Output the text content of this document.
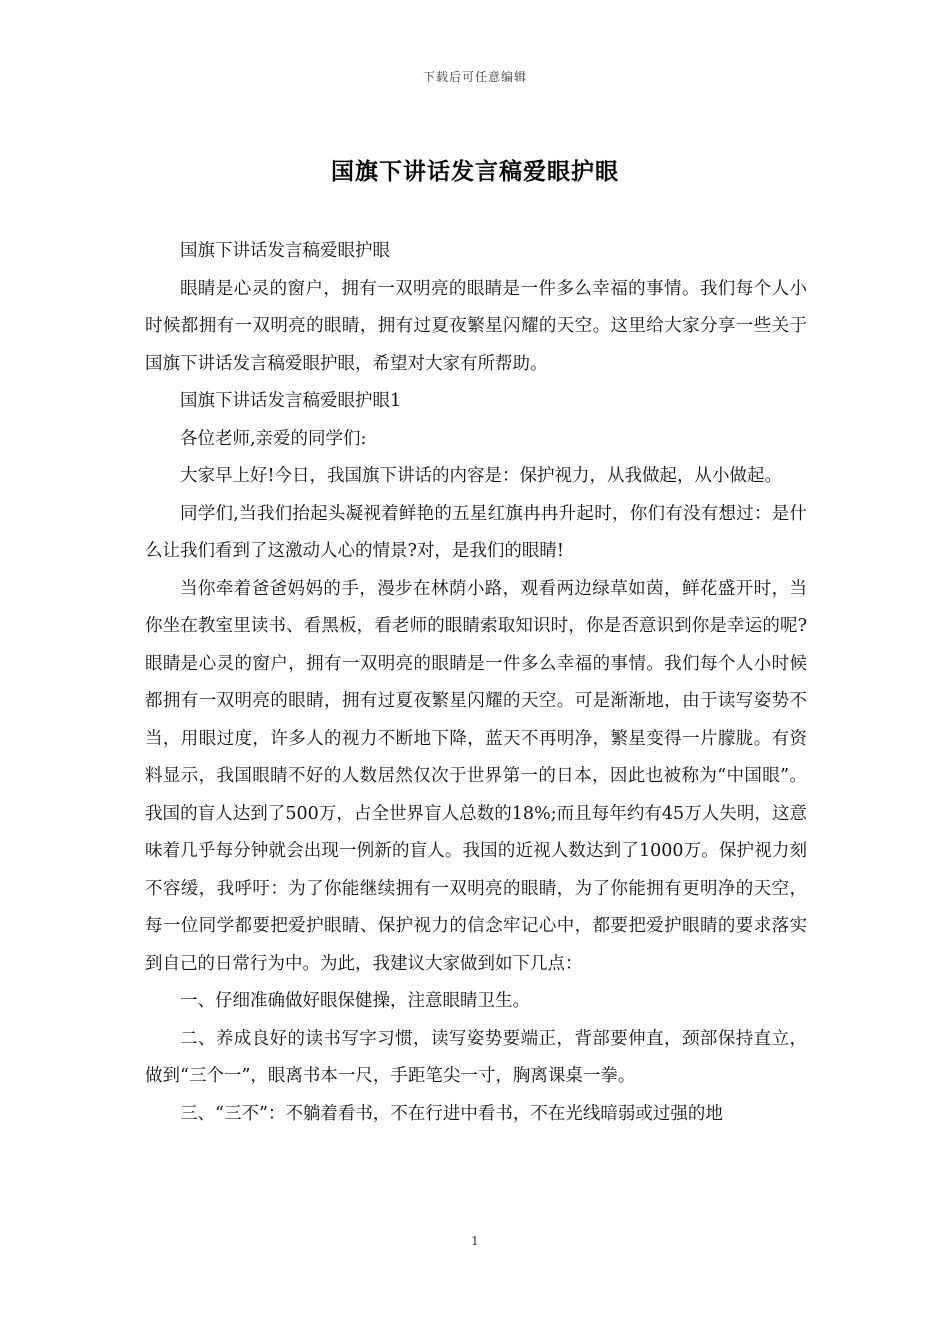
下载后可任意编辑
国旗下讲话发言稿爱眼护眼

国旗下讲话发言稿爱眼护眼

眼睛是心灵的窗户，拥有一双明亮的眼睛是一件多么幸福的事情。我们每个人小时候都拥有一双明亮的眼睛，拥有过夏夜繁星闪耀的天空。这里给大家分享一些关于国旗下讲话发言稿爱眼护眼，希望对大家有所帮助。

国旗下讲话发言稿爱眼护眼1

各位老师,亲爱的同学们:

大家早上好!今日，我国旗下讲话的内容是：保护视力，从我做起，从小做起。

同学们,当我们抬起头凝视着鲜艳的五星红旗冉冉升起时，你们有没有想过：是什么让我们看到了这激动人心的情景?对，是我们的眼睛!

当你牵着爸爸妈妈的手，漫步在林荫小路，观看两边绿草如茵，鲜花盛开时，当你坐在教室里读书、看黑板，看老师的眼睛索取知识时，你是否意识到你是幸运的呢?眼睛是心灵的窗户，拥有一双明亮的眼睛是一件多么幸福的事情。我们每个人小时候都拥有一双明亮的眼睛，拥有过夏夜繁星闪耀的天空。可是渐渐地，由于读写姿势不当，用眼过度，许多人的视力不断地下降，蓝天不再明净，繁星变得一片朦胧。有资料显示，我国眼睛不好的人数居然仅次于世界第一的日本，因此也被称为“中国眼”。我国的盲人达到了500万，占全世界盲人总数的18%;而且每年约有45万人失明，这意味着几乎每分钟就会出现一例新的盲人。我国的近视人数达到了1000万。保护视力刻不容缓，我呼吁：为了你能继续拥有一双明亮的眼睛，为了你能拥有更明净的天空，每一位同学都要把爱护眼睛、保护视力的信念牢记心中，都要把爱护眼睛的要求落实到自己的日常行为中。为此，我建议大家做到如下几点：

一、仔细准确做好眼保健操，注意眼睛卫生。

二、养成良好的读书写字习惯，读写姿势要端正，背部要伸直，颈部保持直立，做到“三个一”，眼离书本一尺，手距笔尖一寸，胸离课桌一拳。

三、“三不”：不躺着看书，不在行进中看书，不在光线暗弱或过强的地

1
